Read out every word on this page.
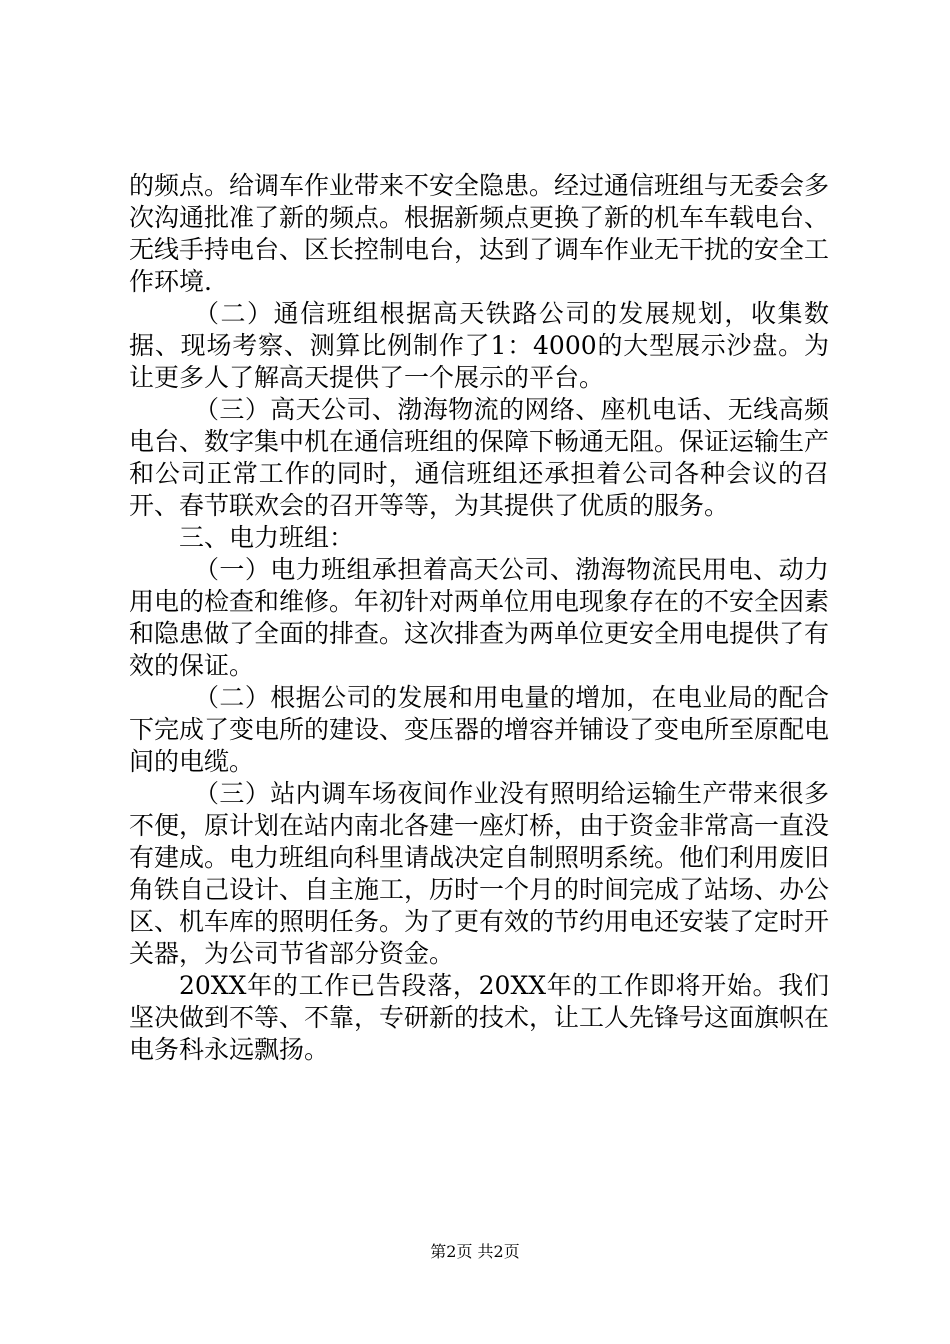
的频点。给调车作业带来不安全隐患。经过通信班组与无委会多次沟通批准了新的频点。根据新频点更换了新的机车车载电台、无线手持电台、区长控制电台，达到了调车作业无干扰的安全工作环境.

（二）通信班组根据高天铁路公司的发展规划，收集数据、现场考察、测算比例制作了1：4000的大型展示沙盘。为让更多人了解高天提供了一个展示的平台。

（三）高天公司、渤海物流的网络、座机电话、无线高频电台、数字集中机在通信班组的保障下畅通无阻。保证运输生产和公司正常工作的同时，通信班组还承担着公司各种会议的召开、春节联欢会的召开等等，为其提供了优质的服务。

三、电力班组：

（一）电力班组承担着高天公司、渤海物流民用电、动力用电的检查和维修。年初针对两单位用电现象存在的不安全因素和隐患做了全面的排查。这次排查为两单位更安全用电提供了有效的保证。

（二）根据公司的发展和用电量的增加，在电业局的配合下完成了变电所的建设、变压器的增容并铺设了变电所至原配电间的电缆。

（三）站内调车场夜间作业没有照明给运输生产带来很多不便，原计划在站内南北各建一座灯桥，由于资金非常高一直没有建成。电力班组向科里请战决定自制照明系统。他们利用废旧角铁自己设计、自主施工，历时一个月的时间完成了站场、办公区、机车库的照明任务。为了更有效的节约用电还安装了定时开关器，为公司节省部分资金。

20XX年的工作已告段落，20XX年的工作即将开始。我们坚决做到不等、不靠，专研新的技术，让工人先锋号这面旗帜在电务科永远飘扬。

第2页 共2页
